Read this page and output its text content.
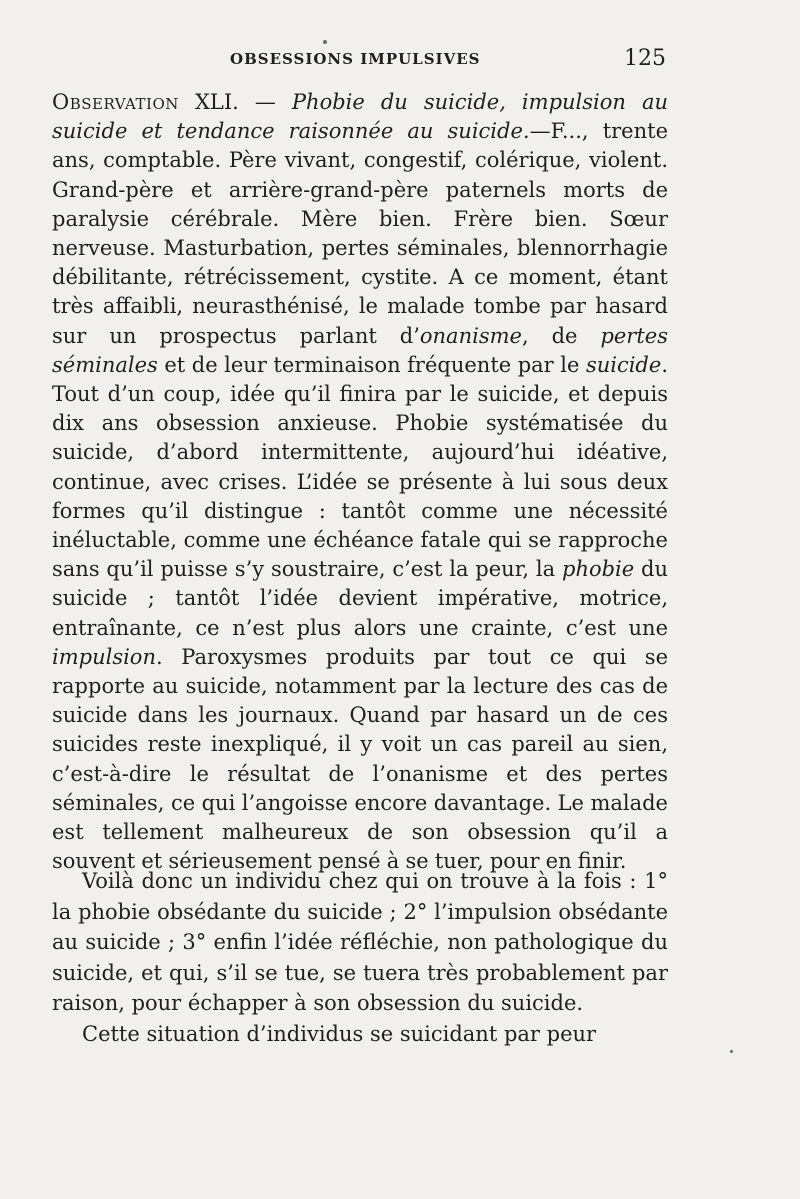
OBSESSIONS IMPULSIVES	125
Observation XLI. — Phobie du suicide, impulsion au suicide et tendance raisonnée au suicide.—F..., trente ans, comptable. Père vivant, congestif, colérique, violent. Grand-père et arrière-grand-père paternels morts de paralysie cérébrale. Mère bien. Frère bien. Sœur nerveuse. Masturbation, pertes séminales, blennorrhagie débilitante, rétrécissement, cystite. A ce moment, étant très affaibli, neurasthénisé, le malade tombe par hasard sur un prospectus parlant d’onanisme, de pertes séminales et de leur terminaison fréquente par le suicide. Tout d’un coup, idée qu’il finira par le suicide, et depuis dix ans obsession anxieuse. Phobie systématisée du suicide, d’abord intermittente, aujourd’hui idéative, continue, avec crises. L’idée se présente à lui sous deux formes qu’il distingue : tantôt comme une nécessité inéluctable, comme une échéance fatale qui se rapproche sans qu’il puisse s’y soustraire, c’est la peur, la phobie du suicide ; tantôt l’idée devient impérative, motrice, entraînante, ce n’est plus alors une crainte, c’est une impulsion. Paroxysmes produits par tout ce qui se rapporte au suicide, notamment par la lecture des cas de suicide dans les journaux. Quand par hasard un de ces suicides reste inexpliqué, il y voit un cas pareil au sien, c’est-à-dire le résultat de l’onanisme et des pertes séminales, ce qui l’angoisse encore davantage. Le malade est tellement malheureux de son obsession qu’il a souvent et sérieusement pensé à se tuer, pour en finir.

Voilà donc un individu chez qui on trouve à la fois : 1° la phobie obsédante du suicide ; 2° l’impulsion obsédante au suicide ; 3° enfin l’idée réfléchie, non pathologique du suicide, et qui, s’il se tue, se tuera très probablement par raison, pour échapper à son obsession du suicide.

Cette situation d’individus se suicidant par peur
